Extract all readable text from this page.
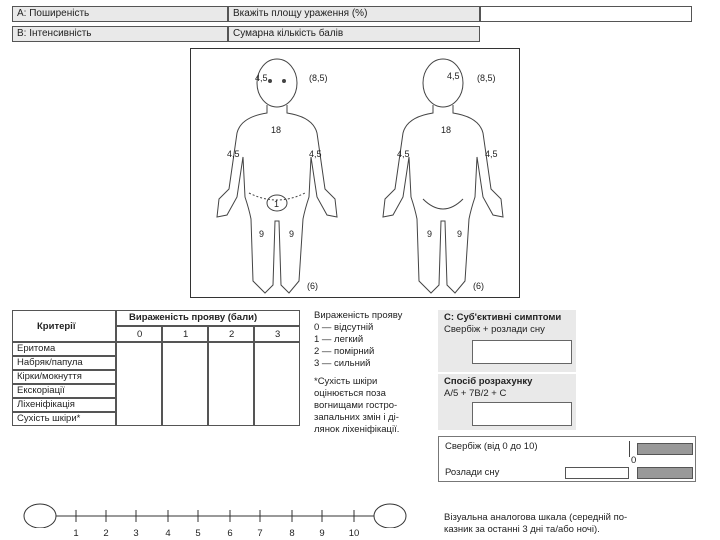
A: Поширеність	Вкажіть площу ураження (%)
B: Інтенсивність	Сумарна кількість балів
4,5	(8,5)
18
4,5	4,5
1
9	9
(6)
4,5 (8,5)
18
4,5	4,5
9	9
(6)
Критерії
Вираженість прояву (бали)
0	1	2	3
Еритома
Набряк/папула
Кірки/мокнуття
Екскоріації
Ліхеніфікація
Сухість шкіри*
Вираженість прояву
0 — відсутній
1 — легкий
2 — помірний
3 — сильний
*Сухість шкіри
оцінюється поза
вогнищами гостро-
запальних змін і ді-
лянок ліхеніфікації.
C: Суб'єктивні симптоми
Свербіж + розлади сну
Спосіб розрахунку
A/5 + 7B/2 + C
Свербіж (від 0 до 10)
0
Розлади сну
1	2	3	4	5	6	7	8	9	10
Візуальна аналогова шкала (середній по-
казник за останні 3 дні та/або ночі).
